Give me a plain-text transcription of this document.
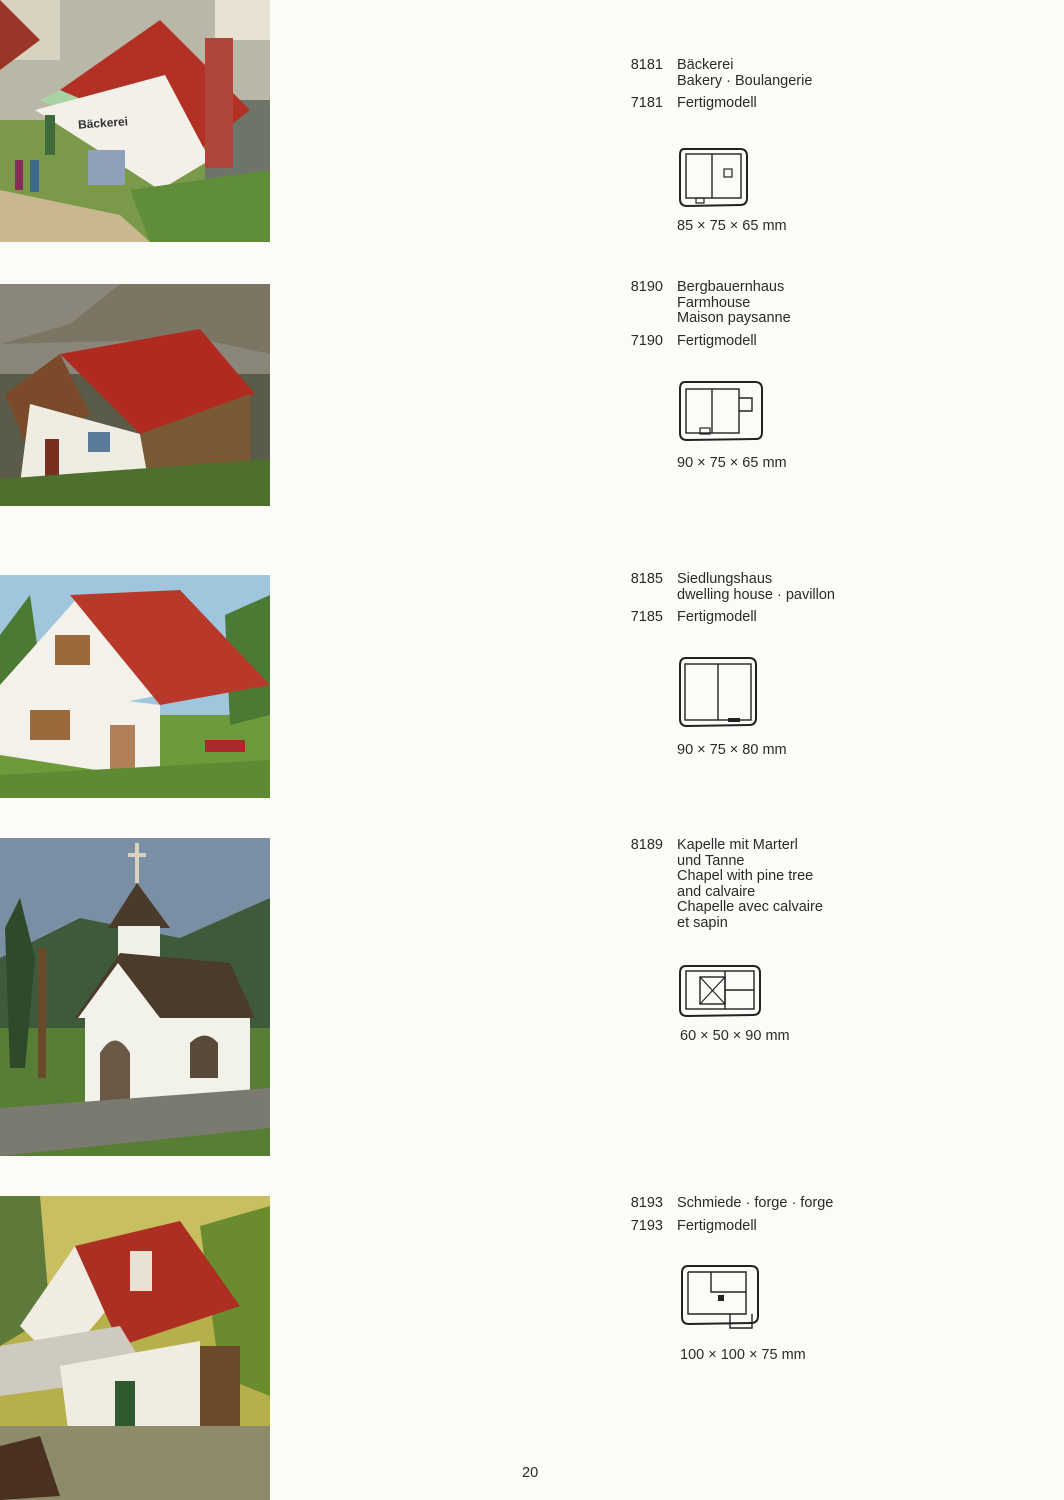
Bäckerei
8181 Bäckerei
Bakery · Boulangerie
7181 Fertigmodell
85 × 75 × 65 mm
8190 Bergbauernhaus
Farmhouse
Maison paysanne
7190 Fertigmodell
90 × 75 × 65 mm
8185 Siedlungshaus
dwelling house · pavillon
7185 Fertigmodell
90 × 75 × 80 mm
8189 Kapelle mit Marterl
und Tanne
Chapel with pine tree
and calvaire
Chapelle avec calvaire
et sapin
60 × 50 × 90 mm
8193 Schmiede · forge · forge
7193 Fertigmodell
100 × 100 × 75 mm
20
